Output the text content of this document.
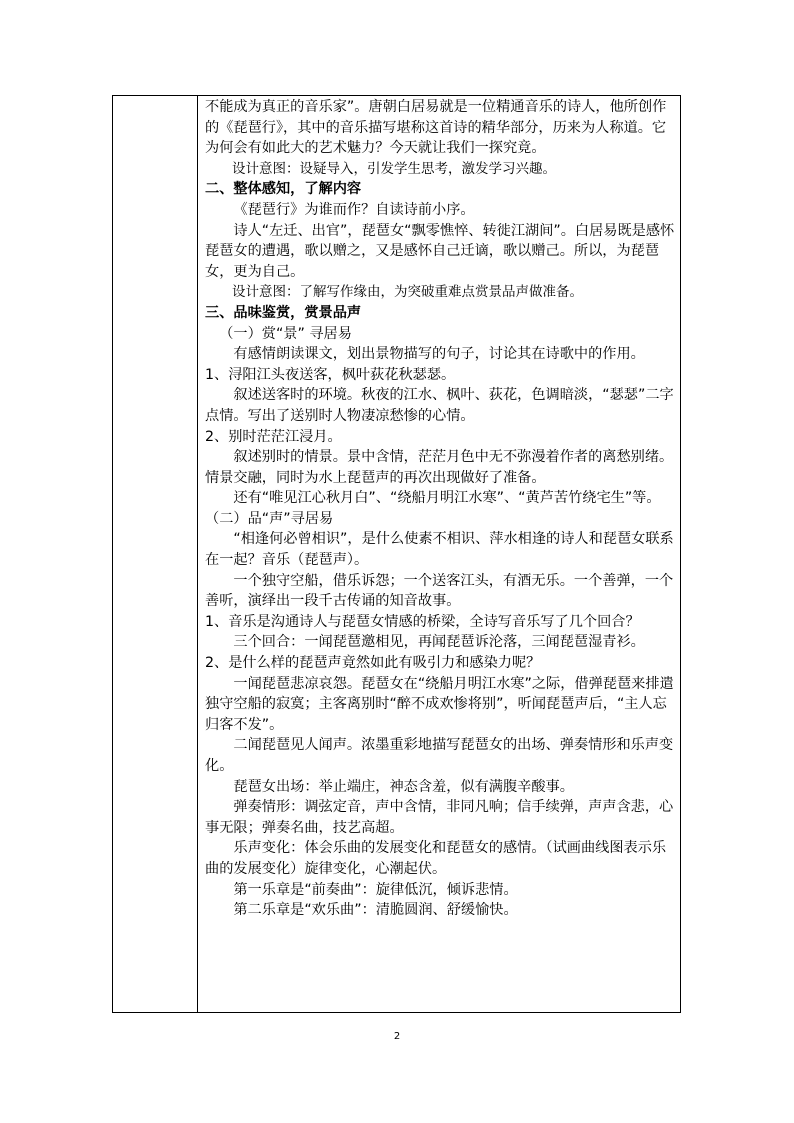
不能成为真正的音乐家”。唐朝白居易就是一位精通音乐的诗人，他所创作的《琵琶行》，其中的音乐描写堪称这首诗的精华部分，历来为人称道。它为何会有如此大的艺术魅力？今天就让我们一探究竟。

设计意图：设疑导入，引发学生思考，激发学习兴趣。

二、整体感知，了解内容

《琵琶行》为谁而作？自读诗前小序。

诗人“左迁、出官”，琵琶女“飘零憔悴、转徙江湖间”。白居易既是感怀琵琶女的遭遇，歌以赠之，又是感怀自己迁谪，歌以赠己。所以，为琵琶女，更为自己。

设计意图：了解写作缘由，为突破重难点赏景品声做准备。

三、品味鉴赏，赏景品声

（一）赏“景” 寻居易

有感情朗读课文，划出景物描写的句子，讨论其在诗歌中的作用。

1、浔阳江头夜送客，枫叶荻花秋瑟瑟。

叙述送客时的环境。秋夜的江水、枫叶、荻花，色调暗淡，“瑟瑟”二字点情。写出了送别时人物凄凉愁惨的心情。

2、别时茫茫江浸月。

叙述别时的情景。景中含情，茫茫月色中无不弥漫着作者的离愁别绪。情景交融，同时为水上琵琶声的再次出现做好了准备。

还有“唯见江心秋月白”、“绕船月明江水寒”、“黄芦苦竹绕宅生”等。

（二）品“声”寻居易

“相逢何必曾相识”，是什么使素不相识、萍水相逢的诗人和琵琶女联系在一起？音乐（琵琶声）。

一个独守空船，借乐诉怨；一个送客江头，有酒无乐。一个善弹，一个善听，演绎出一段千古传诵的知音故事。

1、音乐是沟通诗人与琵琶女情感的桥梁，全诗写音乐写了几个回合？

三个回合：一闻琵琶邀相见，再闻琵琶诉沦落，三闻琵琶湿青衫。

2、是什么样的琵琶声竟然如此有吸引力和感染力呢？

一闻琵琶悲凉哀怨。琵琶女在“绕船月明江水寒”之际，借弹琵琶来排遣独守空船的寂寞；主客离别时“醉不成欢惨将别”，听闻琵琶声后，“主人忘归客不发”。

二闻琵琶见人闻声。浓墨重彩地描写琵琶女的出场、弹奏情形和乐声变化。

琵琶女出场：举止端庄，神态含羞，似有满腹辛酸事。

弹奏情形：调弦定音，声中含情，非同凡响；信手续弹，声声含悲，心事无限；弹奏名曲，技艺高超。

乐声变化：体会乐曲的发展变化和琵琶女的感情。（试画曲线图表示乐曲的发展变化）旋律变化，心潮起伏。

第一乐章是“前奏曲”：旋律低沉，倾诉悲情。

第二乐章是“欢乐曲”：清脆圆润、舒缓愉快。

2
